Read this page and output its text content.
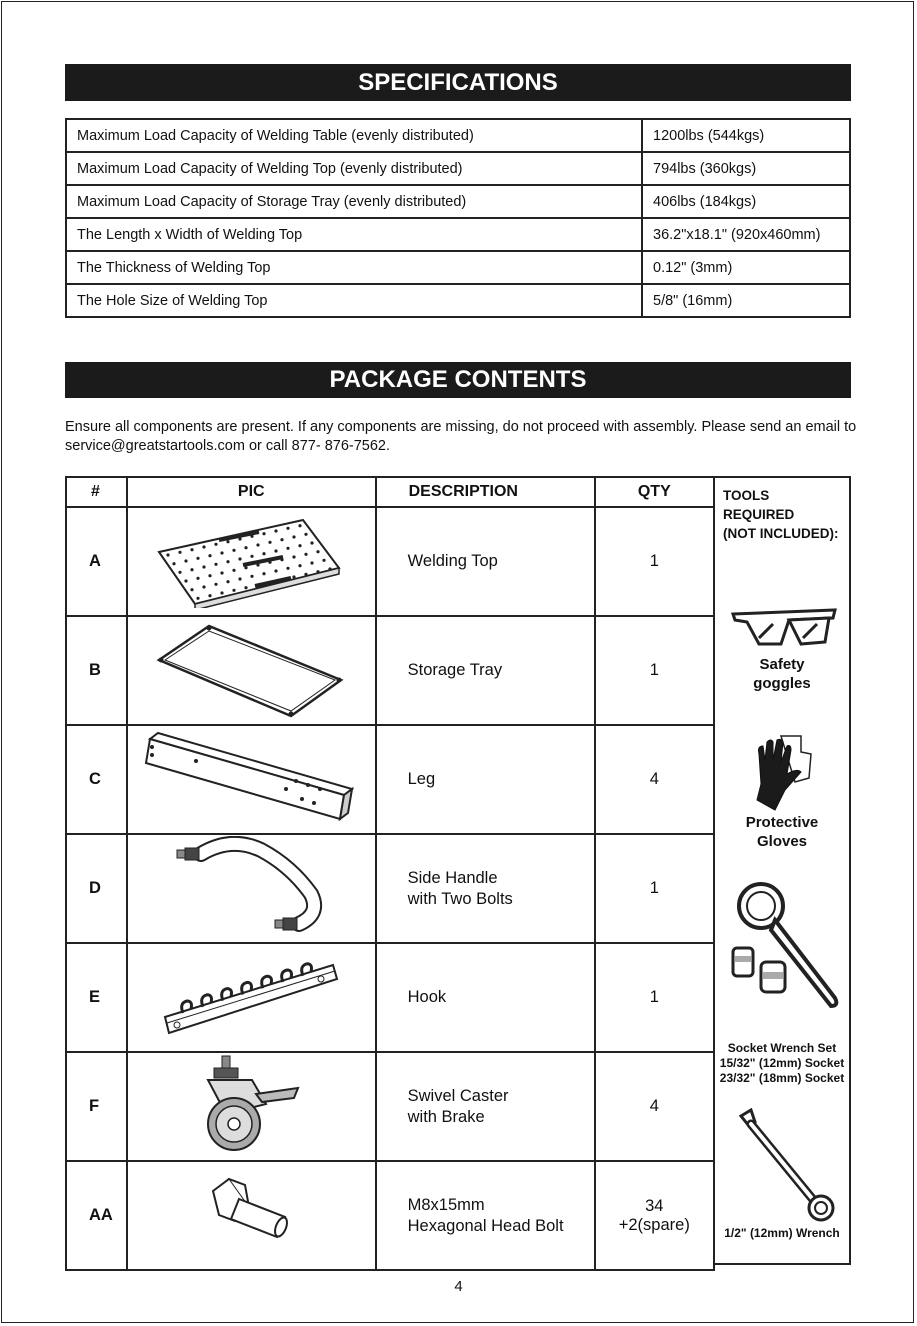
SPECIFICATIONS
Maximum Load Capacity of Welding Table (evenly distributed)	1200lbs (544kgs)
Maximum Load Capacity of Welding Top (evenly distributed)	794lbs (360kgs)
Maximum Load Capacity of Storage Tray (evenly distributed)	406lbs (184kgs)
The Length x Width of Welding Top	36.2"x18.1" (920x460mm)
The Thickness of Welding Top	0.12" (3mm)
The Hole Size of Welding Top	5/8" (16mm)
PACKAGE CONTENTS
Ensure all components are present. If any components are missing, do not proceed with assembly. Please send an email to service@greatstartools.com or call 877- 876-7562.
#	PIC	DESCRIPTION	QTY
A		Welding Top	1
B		Storage Tray	1
C		Leg	4
D		Side Handle
with Two Bolts	1
E		Hook	1
F		Swivel Caster
with Brake	4
AA		M8x15mm
Hexagonal Head Bolt	34
+2(spare)
TOOLS
REQUIRED
(NOT INCLUDED):
Safety
goggles
Protective
Gloves
Socket Wrench Set
15/32" (12mm) Socket
23/32" (18mm) Socket
1/2" (12mm) Wrench
4
